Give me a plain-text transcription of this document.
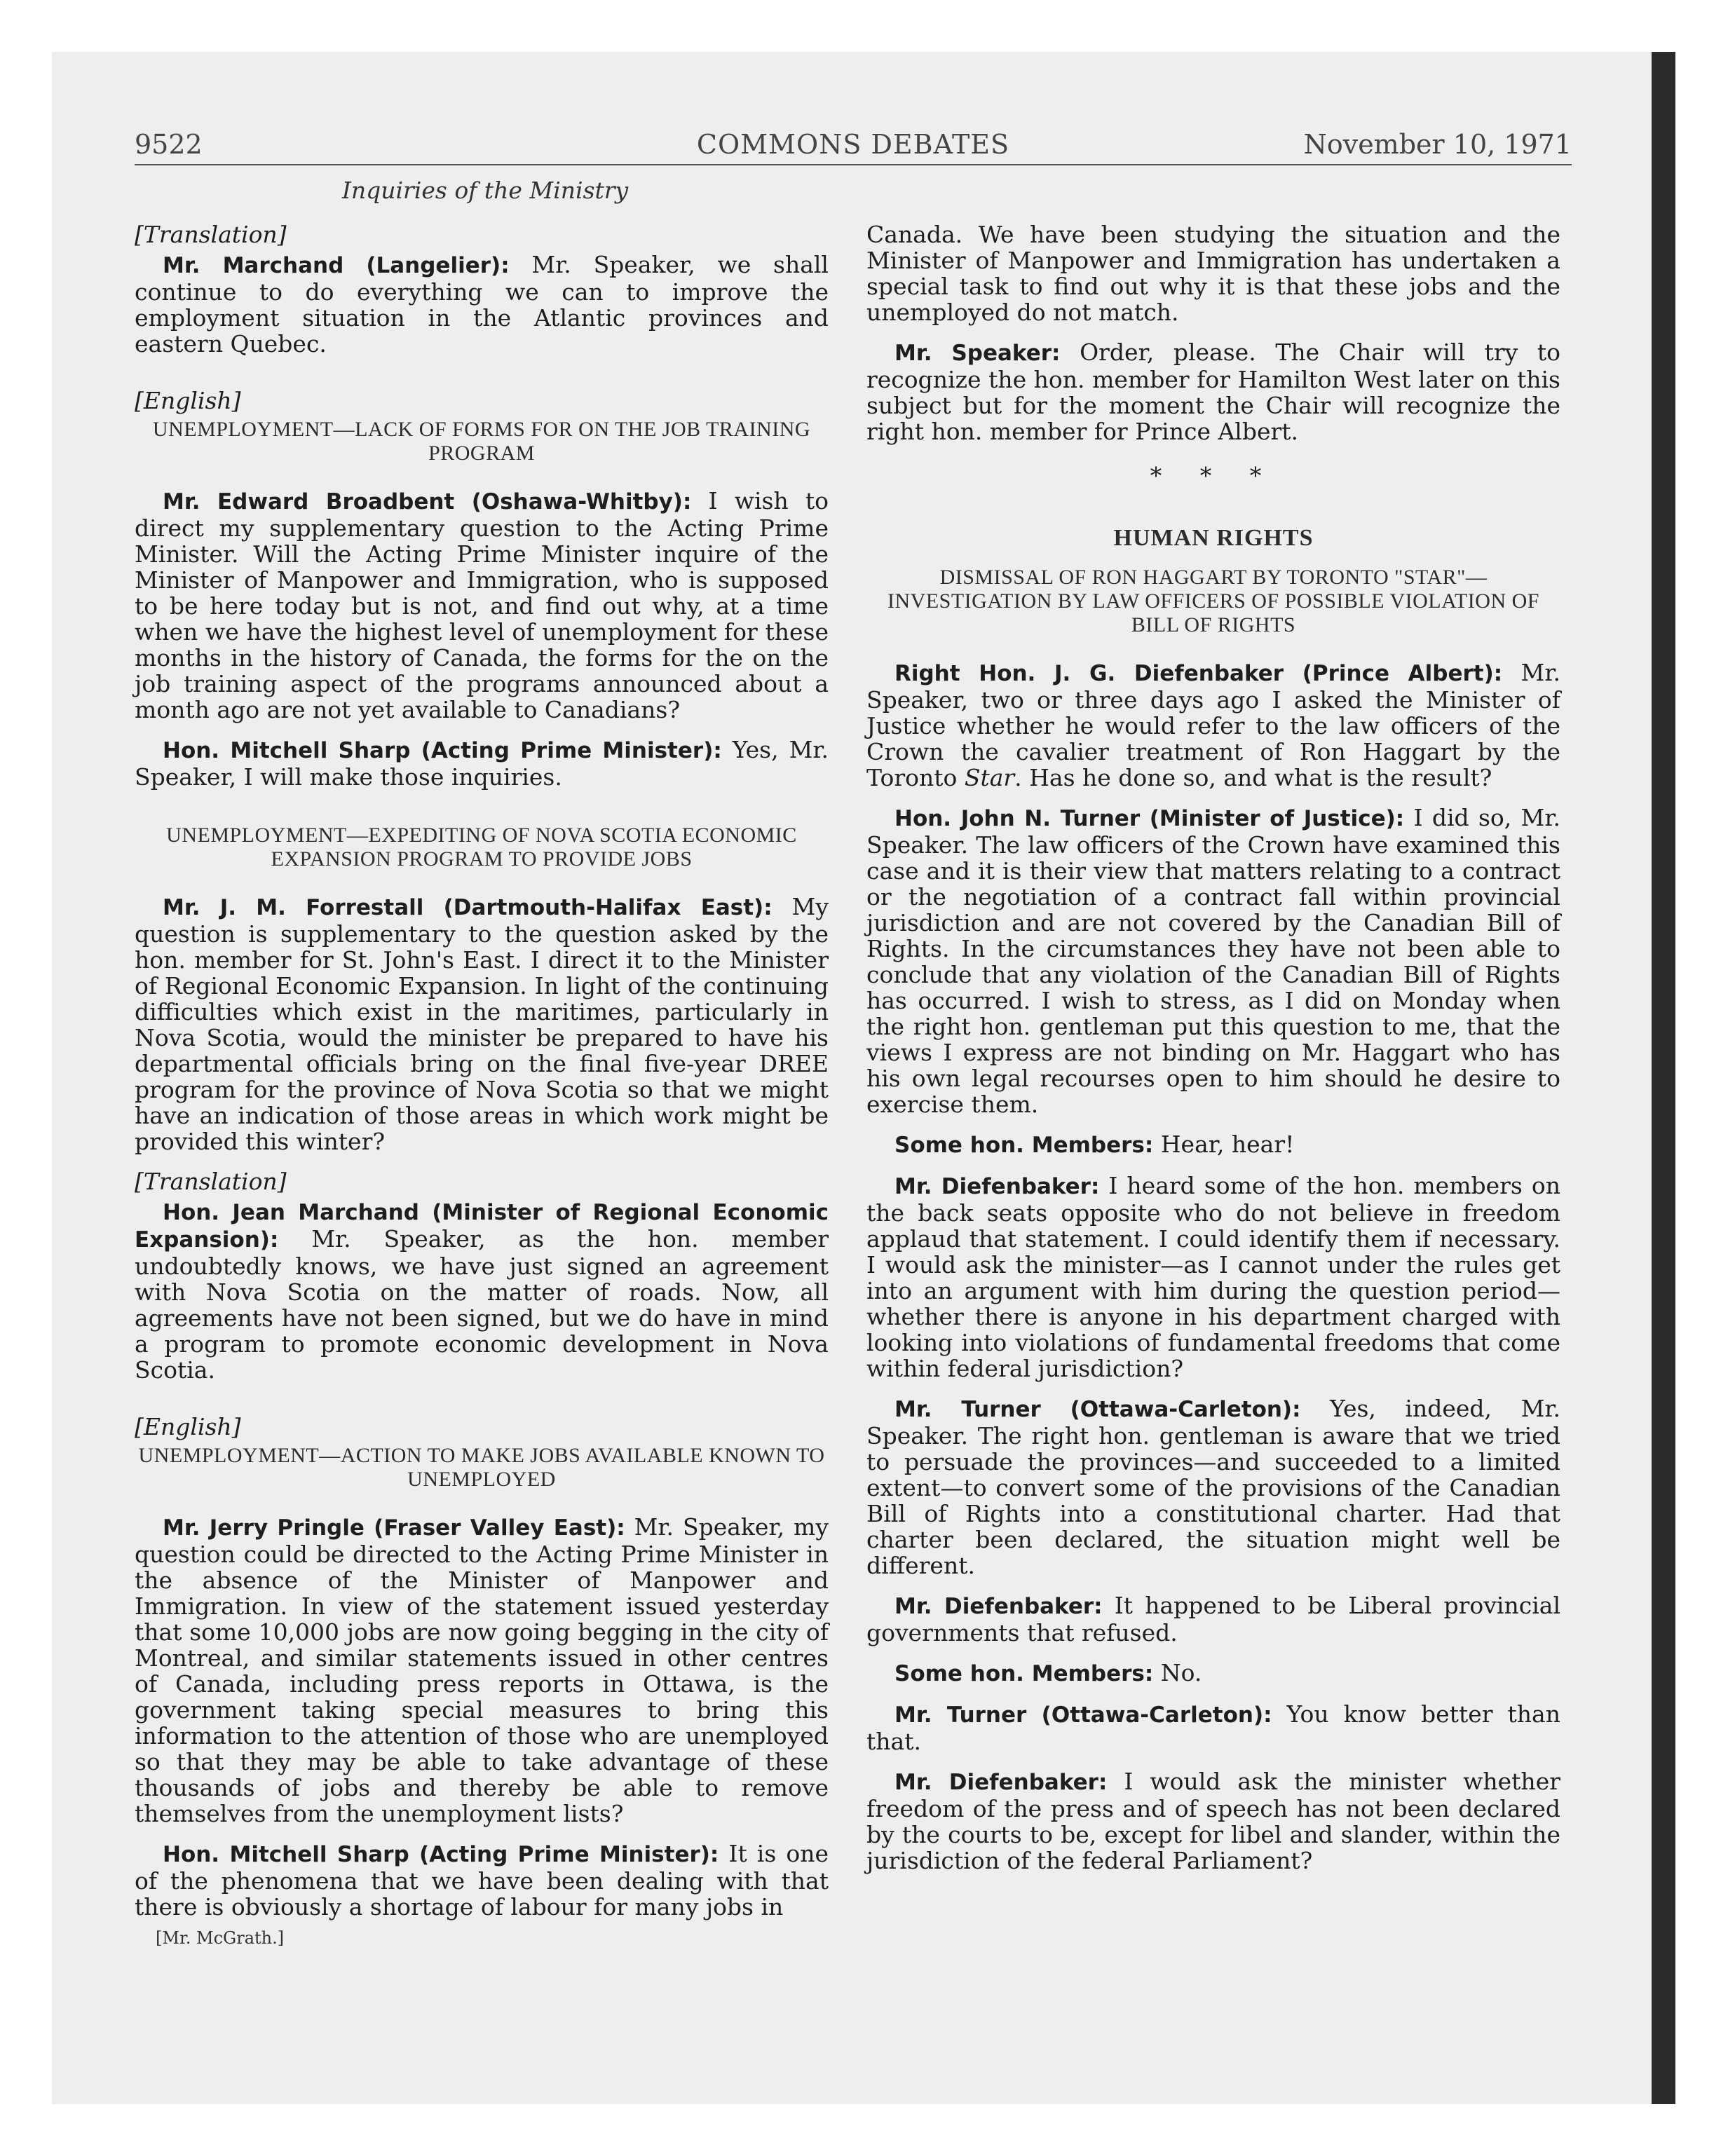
9522	COMMONS DEBATES	November 10, 1971
Inquiries of the Ministry
[Translation]

Mr. Marchand (Langelier): Mr. Speaker, we shall continue to do everything we can to improve the employment situation in the Atlantic provinces and eastern Quebec.

[English]
UNEMPLOYMENT—LACK OF FORMS FOR ON THE JOB TRAINING PROGRAM

Mr. Edward Broadbent (Oshawa-Whitby): I wish to direct my supplementary question to the Acting Prime Minister. Will the Acting Prime Minister inquire of the Minister of Manpower and Immigration, who is supposed to be here today but is not, and find out why, at a time when we have the highest level of unemployment for these months in the history of Canada, the forms for the on the job training aspect of the programs announced about a month ago are not yet available to Canadians?

Hon. Mitchell Sharp (Acting Prime Minister): Yes, Mr. Speaker, I will make those inquiries.

UNEMPLOYMENT—EXPEDITING OF NOVA SCOTIA ECONOMIC EXPANSION PROGRAM TO PROVIDE JOBS

Mr. J. M. Forrestall (Dartmouth-Halifax East): My question is supplementary to the question asked by the hon. member for St. John's East. I direct it to the Minister of Regional Economic Expansion. In light of the continuing difficulties which exist in the maritimes, particularly in Nova Scotia, would the minister be prepared to have his departmental officials bring on the final five-year DREE program for the province of Nova Scotia so that we might have an indication of those areas in which work might be provided this winter?

[Translation]

Hon. Jean Marchand (Minister of Regional Economic Expansion): Mr. Speaker, as the hon. member undoubtedly knows, we have just signed an agreement with Nova Scotia on the matter of roads. Now, all agreements have not been signed, but we do have in mind a program to promote economic development in Nova Scotia.

[English]
UNEMPLOYMENT—ACTION TO MAKE JOBS AVAILABLE KNOWN TO UNEMPLOYED

Mr. Jerry Pringle (Fraser Valley East): Mr. Speaker, my question could be directed to the Acting Prime Minister in the absence of the Minister of Manpower and Immigration. In view of the statement issued yesterday that some 10,000 jobs are now going begging in the city of Montreal, and similar statements issued in other centres of Canada, including press reports in Ottawa, is the government taking special measures to bring this information to the attention of those who are unemployed so that they may be able to take advantage of these thousands of jobs and thereby be able to remove themselves from the unemployment lists?

Hon. Mitchell Sharp (Acting Prime Minister): It is one of the phenomena that we have been dealing with that there is obviously a shortage of labour for many jobs in

[Mr. McGrath.]

Canada. We have been studying the situation and the Minister of Manpower and Immigration has undertaken a special task to find out why it is that these jobs and the unemployed do not match.

Mr. Speaker: Order, please. The Chair will try to recognize the hon. member for Hamilton West later on this subject but for the moment the Chair will recognize the right hon. member for Prince Albert.

* * *
HUMAN RIGHTS
DISMISSAL OF RON HAGGART BY TORONTO "STAR"—INVESTIGATION BY LAW OFFICERS OF POSSIBLE VIOLATION OF BILL OF RIGHTS

Right Hon. J. G. Diefenbaker (Prince Albert): Mr. Speaker, two or three days ago I asked the Minister of Justice whether he would refer to the law officers of the Crown the cavalier treatment of Ron Haggart by the Toronto Star. Has he done so, and what is the result?

Hon. John N. Turner (Minister of Justice): I did so, Mr. Speaker. The law officers of the Crown have examined this case and it is their view that matters relating to a contract or the negotiation of a contract fall within provincial jurisdiction and are not covered by the Canadian Bill of Rights. In the circumstances they have not been able to conclude that any violation of the Canadian Bill of Rights has occurred. I wish to stress, as I did on Monday when the right hon. gentleman put this question to me, that the views I express are not binding on Mr. Haggart who has his own legal recourses open to him should he desire to exercise them.

Some hon. Members: Hear, hear!

Mr. Diefenbaker: I heard some of the hon. members on the back seats opposite who do not believe in freedom applaud that statement. I could identify them if necessary. I would ask the minister—as I cannot under the rules get into an argument with him during the question period—whether there is anyone in his department charged with looking into violations of fundamental freedoms that come within federal jurisdiction?

Mr. Turner (Ottawa-Carleton): Yes, indeed, Mr. Speaker. The right hon. gentleman is aware that we tried to persuade the provinces—and succeeded to a limited extent—to convert some of the provisions of the Canadian Bill of Rights into a constitutional charter. Had that charter been declared, the situation might well be different.

Mr. Diefenbaker: It happened to be Liberal provincial governments that refused.

Some hon. Members: No.

Mr. Turner (Ottawa-Carleton): You know better than that.

Mr. Diefenbaker: I would ask the minister whether freedom of the press and of speech has not been declared by the courts to be, except for libel and slander, within the jurisdiction of the federal Parliament?
